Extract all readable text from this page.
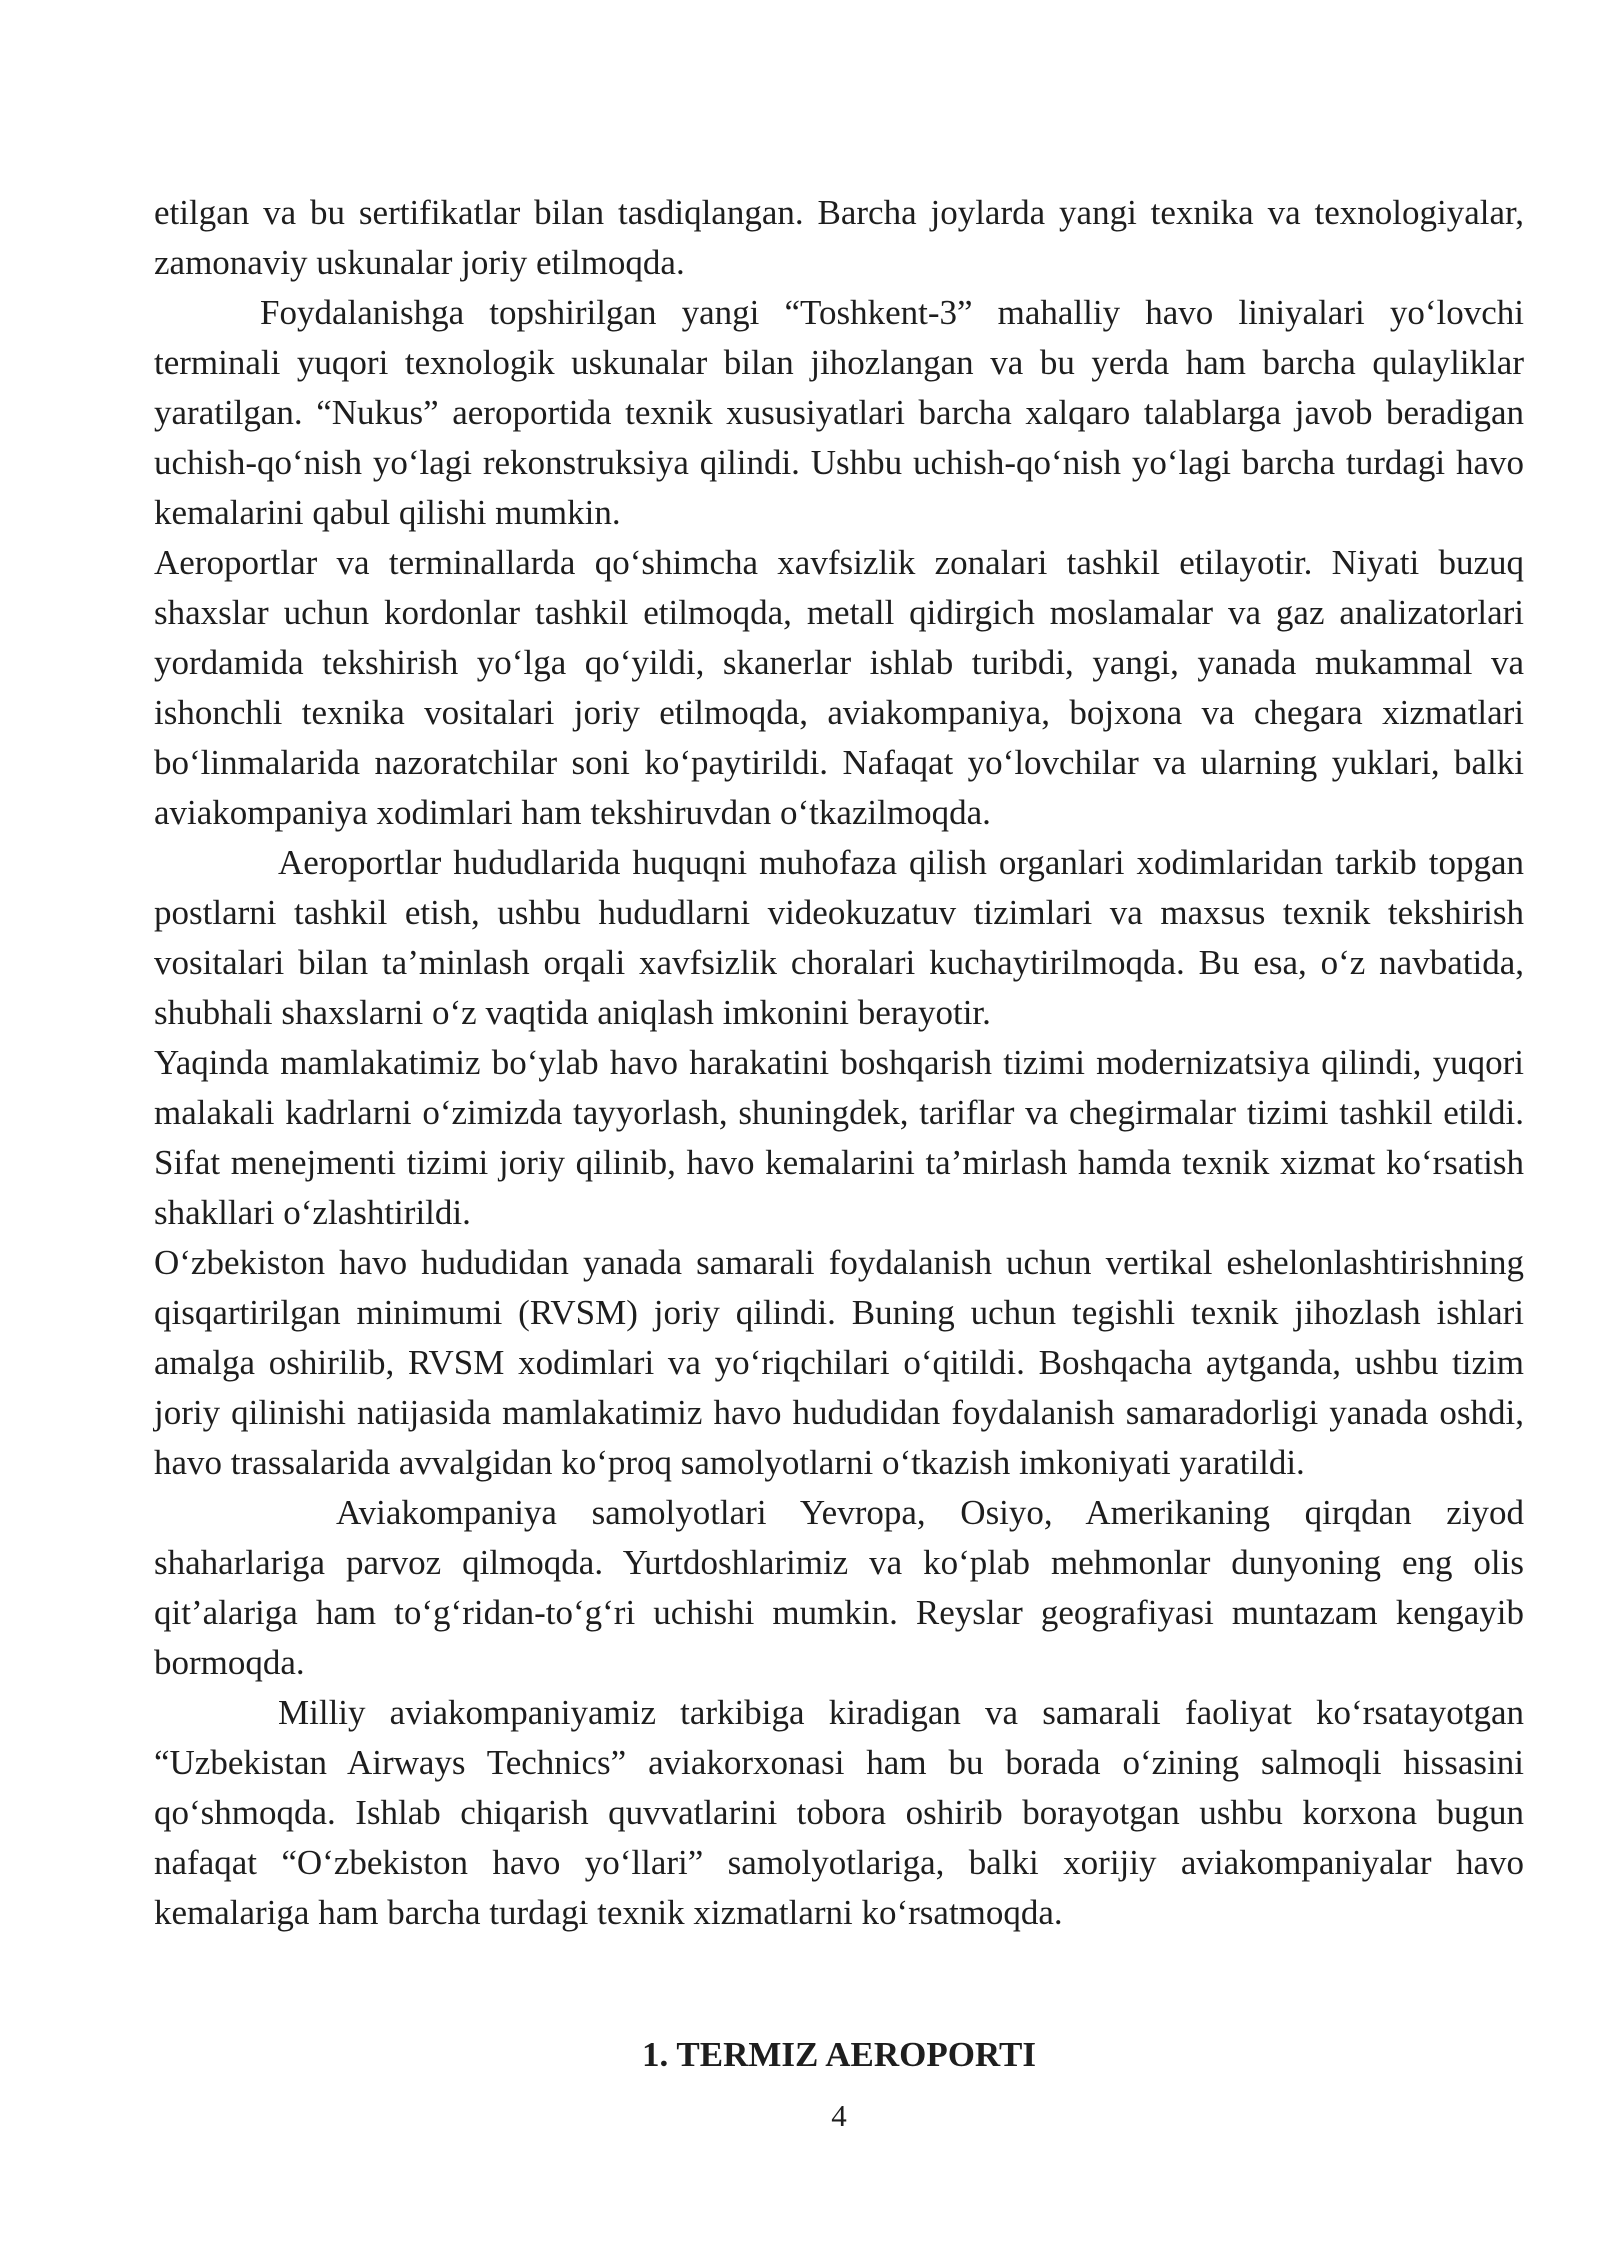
etilgan va bu sertifikatlar bilan tasdiqlangan. Barcha joylarda yangi texnika va texnologiyalar, zamonaviy uskunalar joriy etilmoqda.

Foydalanishga topshirilgan yangi “Toshkent-3” mahalliy havo liniyalari yo‘lovchi terminali yuqori texnologik uskunalar bilan jihozlangan va bu yerda ham barcha qulayliklar yaratilgan. “Nukus” aeroportida texnik xususiyatlari barcha xalqaro talablarga javob beradigan uchish-qo‘nish yo‘lagi rekonstruksiya qilindi. Ushbu uchish-qo‘nish yo‘lagi barcha turdagi havo kemalarini qabul qilishi mumkin.

Aeroportlar va terminallarda qo‘shimcha xavfsizlik zonalari tashkil etilayotir. Niyati buzuq shaxslar uchun kordonlar tashkil etilmoqda, metall qidirgich moslamalar va gaz analizatorlari yordamida tekshirish yo‘lga qo‘yildi, skanerlar ishlab turibdi, yangi, yanada mukammal va ishonchli texnika vositalari joriy etilmoqda, aviakompaniya, bojxona va chegara xizmatlari bo‘linmalarida nazoratchilar soni ko‘paytirildi. Nafaqat yo‘lovchilar va ularning yuklari, balki aviakompaniya xodimlari ham tekshiruvdan o‘tkazilmoqda.

Aeroportlar hududlarida huquqni muhofaza qilish organlari xodimlaridan tarkib topgan postlarni tashkil etish, ushbu hududlarni videokuzatuv tizimlari va maxsus texnik tekshirish vositalari bilan ta’minlash orqali xavfsizlik choralari kuchaytirilmoqda. Bu esa, o‘z navbatida, shubhali shaxslarni o‘z vaqtida aniqlash imkonini berayotir.

Yaqinda mamlakatimiz bo‘ylab havo harakatini boshqarish tizimi modernizatsiya qilindi, yuqori malakali kadrlarni o‘zimizda tayyorlash, shuningdek, tariflar va chegirmalar tizimi tashkil etildi. Sifat menejmenti tizimi joriy qilinib, havo kemalarini ta’mirlash hamda texnik xizmat ko‘rsatish shakllari o‘zlashtirildi.

O‘zbekiston havo hududidan yanada samarali foydalanish uchun vertikal eshelonlashtirishning qisqartirilgan minimumi (RVSM) joriy qilindi. Buning uchun tegishli texnik jihozlash ishlari amalga oshirilib, RVSM xodimlari va yo‘riqchilari o‘qitildi. Boshqacha aytganda, ushbu tizim joriy qilinishi natijasida mamlakatimiz havo hududidan foydalanish samaradorligi yanada oshdi, havo trassalarida avvalgidan ko‘proq samolyotlarni o‘tkazish imkoniyati yaratildi.

Aviakompaniya samolyotlari Yevropa, Osiyo, Amerikaning qirqdan ziyod shaharlariga parvoz qilmoqda. Yurtdoshlarimiz va ko‘plab mehmonlar dunyoning eng olis qit’alariga ham to‘g‘ridan-to‘g‘ri uchishi mumkin. Reyslar geografiyasi muntazam kengayib bormoqda.

Milliy aviakompaniyamiz tarkibiga kiradigan va samarali faoliyat ko‘rsatayotgan “Uzbekistan Airways Technics” aviakorxonasi ham bu borada o‘zining salmoqli hissasini qo‘shmoqda. Ishlab chiqarish quvvatlarini tobora oshirib borayotgan ushbu korxona bugun nafaqat “O‘zbekiston havo yo‘llari” samolyotlariga, balki xorijiy aviakompaniyalar havo kemalariga ham barcha turdagi texnik xizmatlarni ko‘rsatmoqda.

1. TERMIZ AEROPORTI
4
